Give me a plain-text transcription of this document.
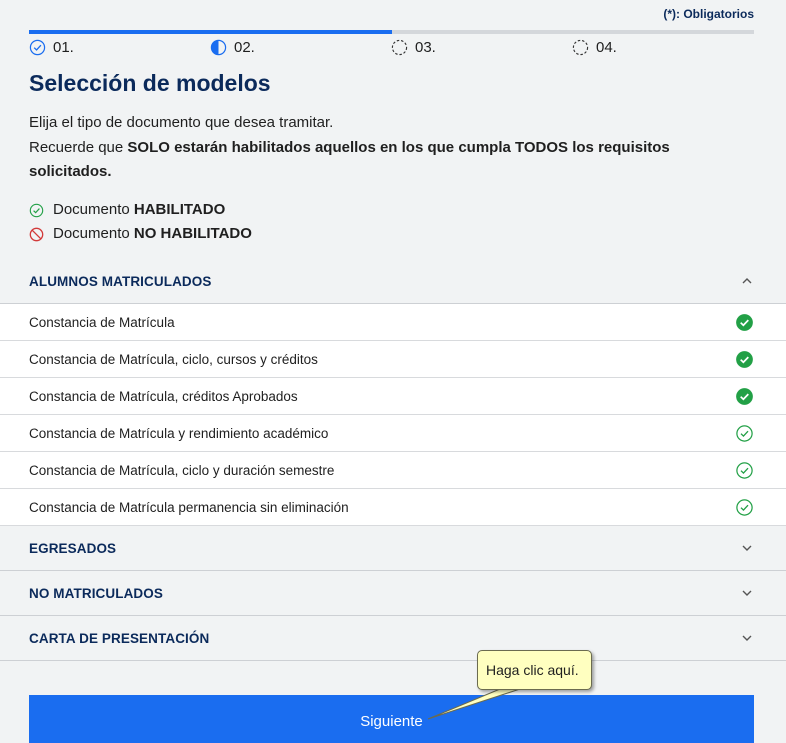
(*): Obligatorios
01.	02.	03.	04.
Selección de modelos
Elija el tipo de documento que desea tramitar.
Recuerde que SOLO estarán habilitados aquellos en los que cumpla TODOS los requisitos solicitados.
Documento HABILITADO
Documento NO HABILITADO
ALUMNOS MATRICULADOS
Constancia de Matrícula
Constancia de Matrícula, ciclo, cursos y créditos
Constancia de Matrícula, créditos Aprobados
Constancia de Matrícula y rendimiento académico
Constancia de Matrícula, ciclo y duración semestre
Constancia de Matrícula permanencia sin eliminación
EGRESADOS
NO MATRICULADOS
CARTA DE PRESENTACIÓN
Siguiente
Haga clic aquí.
